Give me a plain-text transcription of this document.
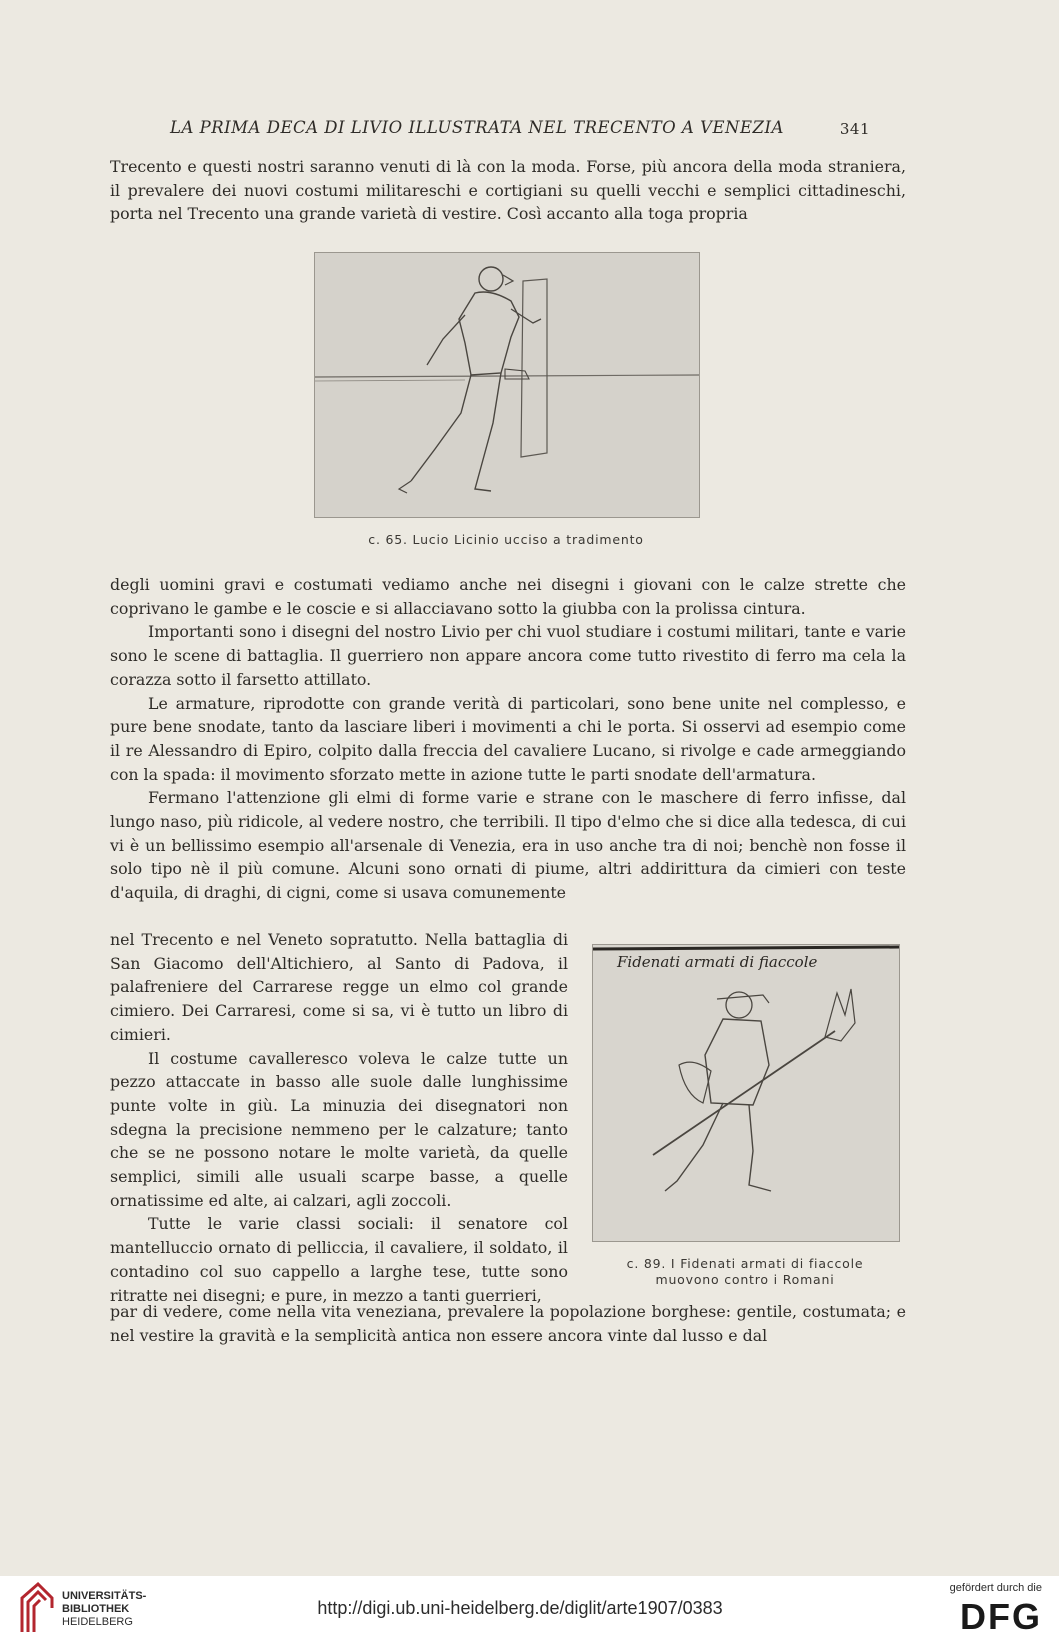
LA PRIMA DECA DI LIVIO ILLUSTRATA NEL TRECENTO A VENEZIA	341

Trecento e questi nostri saranno venuti di là con la moda. Forse, più ancora della moda straniera, il prevalere dei nuovi costumi militareschi e cortigiani su quelli vecchi e semplici cittadineschi, porta nel Trecento una grande varietà di vestire. Così accanto alla toga propria

c. 65. Lucio Licinio ucciso a tradimento

degli uomini gravi e costumati vediamo anche nei disegni i giovani con le calze strette che coprivano le gambe e le coscie e si allacciavano sotto la giubba con la prolissa cintura.

Importanti sono i disegni del nostro Livio per chi vuol studiare i costumi militari, tante e varie sono le scene di battaglia. Il guerriero non appare ancora come tutto rivestito di ferro ma cela la corazza sotto il farsetto attillato.

Le armature, riprodotte con grande verità di particolari, sono bene unite nel complesso, e pure bene snodate, tanto da lasciare liberi i movimenti a chi le porta. Si osservi ad esempio come il re Alessandro di Epiro, colpito dalla freccia del cavaliere Lucano, si rivolge e cade armeggiando con la spada: il movimento sforzato mette in azione tutte le parti snodate dell'armatura.

Fermano l'attenzione gli elmi di forme varie e strane con le maschere di ferro infisse, dal lungo naso, più ridicole, al vedere nostro, che terribili. Il tipo d'elmo che si dice alla tedesca, di cui vi è un bellissimo esempio all'arsenale di Venezia, era in uso anche tra di noi; benchè non fosse il solo tipo nè il più comune. Alcuni sono ornati di piume, altri addirittura da cimieri con teste d'aquila, di draghi, di cigni, come si usava comunemente

nel Trecento e nel Veneto sopratutto. Nella battaglia di San Giacomo dell'Altichiero, al Santo di Padova, il palafreniere del Carrarese regge un elmo col grande cimiero. Dei Carraresi, come si sa, vi è tutto un libro di cimieri.

Il costume cavalleresco voleva le calze tutte un pezzo attaccate in basso alle suole dalle lunghissime punte volte in giù. La minuzia dei disegnatori non sdegna la precisione nemmeno per le calzature; tanto che se ne possono notare le molte varietà, da quelle semplici, simili alle usuali scarpe basse, a quelle ornatissime ed alte, ai calzari, agli zoccoli.

Tutte le varie classi sociali: il senatore col mantelluccio ornato di pelliccia, il cavaliere, il soldato, il contadino col suo cappello a larghe tese, tutte sono ritratte nei disegni; e pure, in mezzo a tanti guerrieri,

Fidenati armati di fiaccole
c. 89. I Fidenati armati di fiaccole
muovono contro i Romani

par di vedere, come nella vita veneziana, prevalere la popolazione borghese: gentile, costumata; e nel vestire la gravità e la semplicità antica non essere ancora vinte dal lusso e dal

UNIVERSITÄTS-
BIBLIOTHEK
HEIDELBERG
http://digi.ub.uni-heidelberg.de/diglit/arte1907/0383
gefördert durch die
DFG
